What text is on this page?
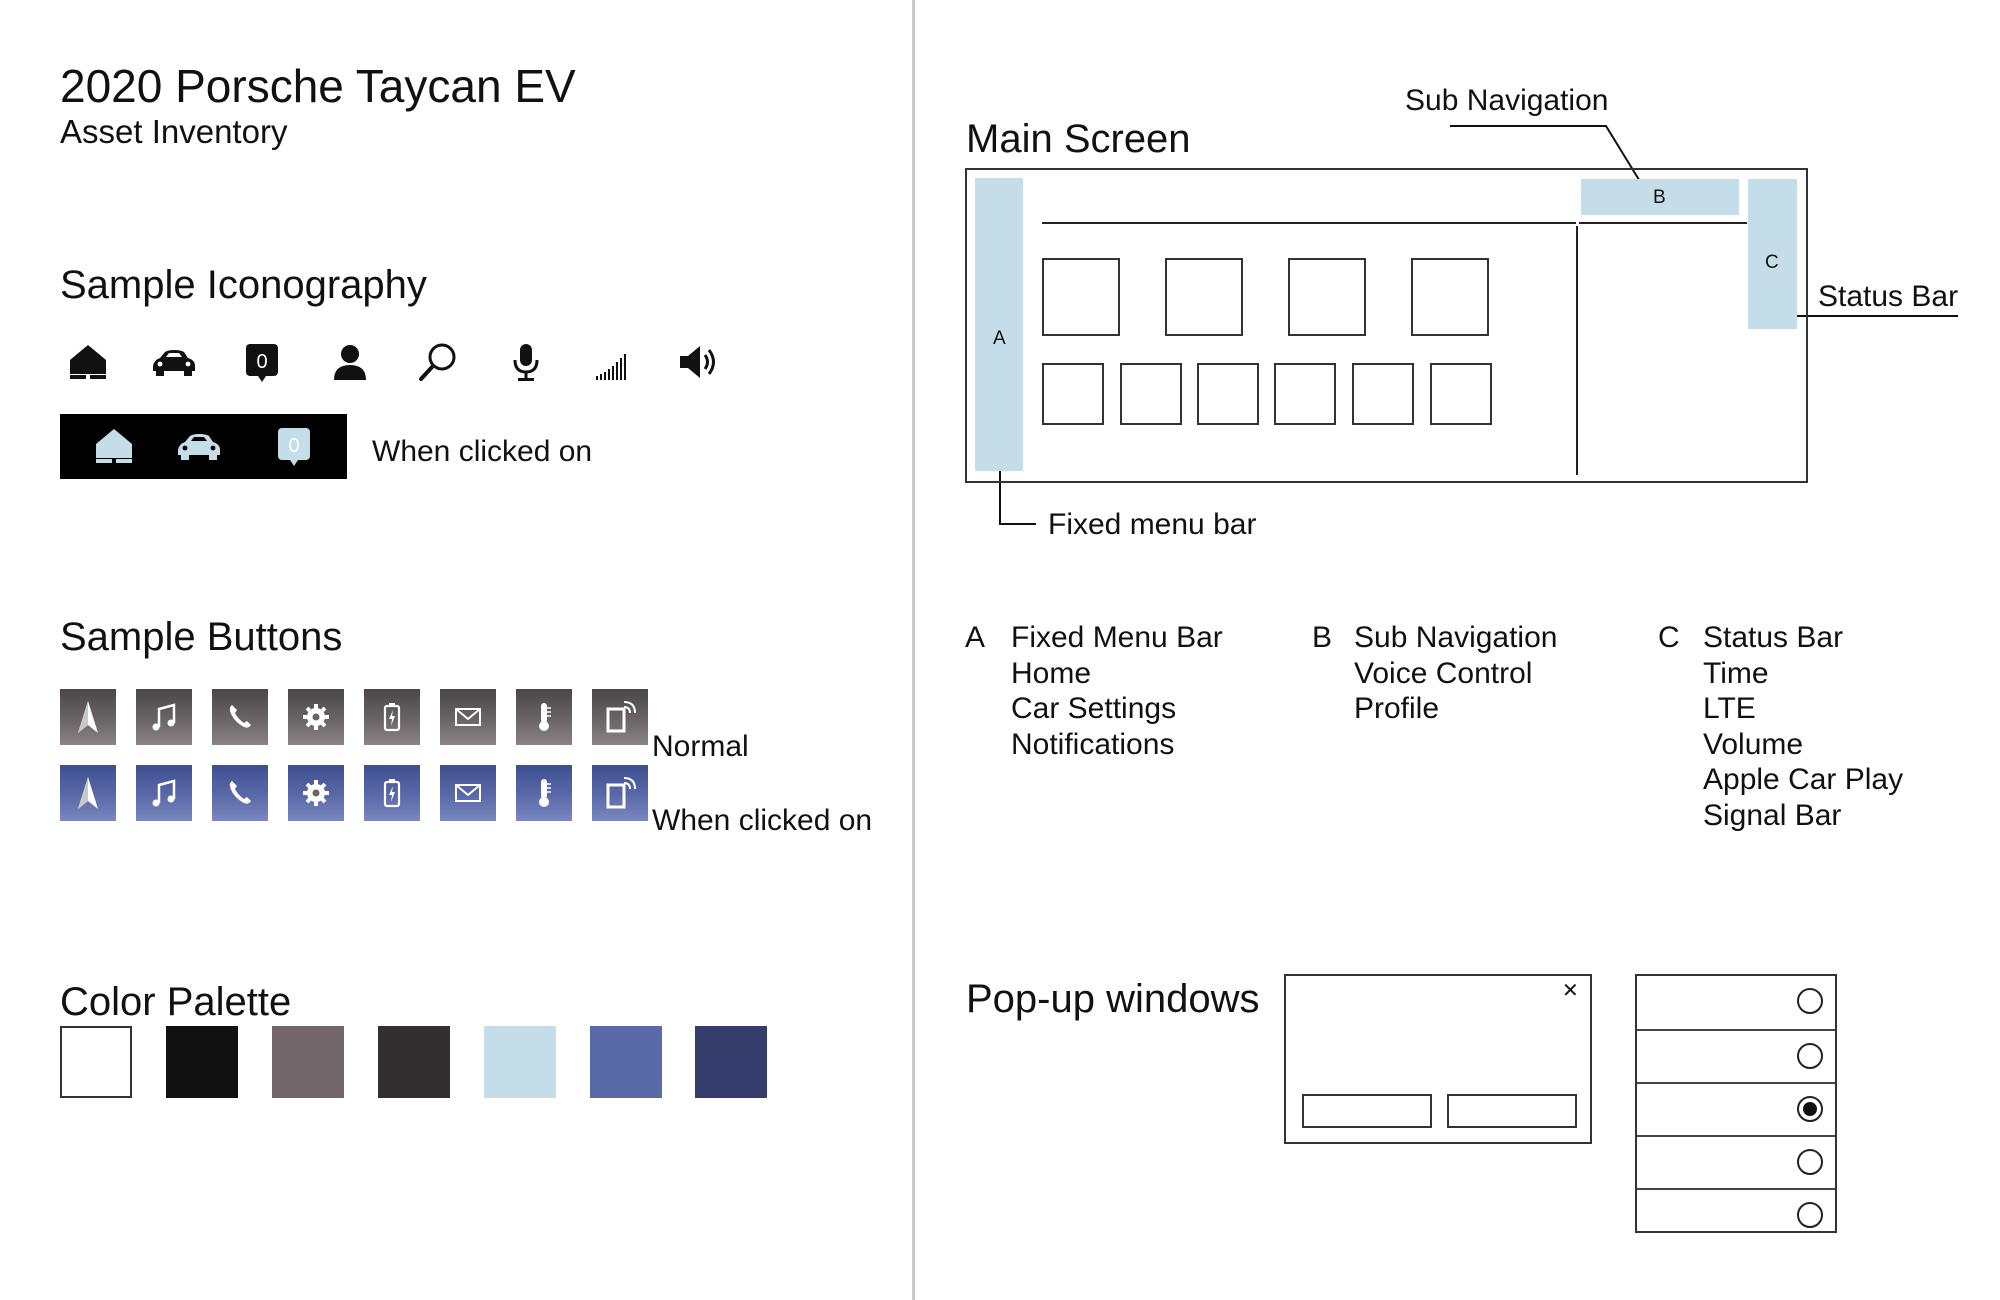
2020 Porsche Taycan EV
Asset Inventory
Sample Iconography
0
0 When clicked on
Sample Buttons
Normal
When clicked on
Color Palette
Main Screen
Sub Navigation
Status Bar
Fixed menu bar
A
B
C
A Fixed Menu Bar
Home
Car Settings
Notifications
B Sub Navigation
Voice Control
Profile
C Status Bar
Time
LTE
Volume
Apple Car Play
Signal Bar
Pop-up windows	✕
